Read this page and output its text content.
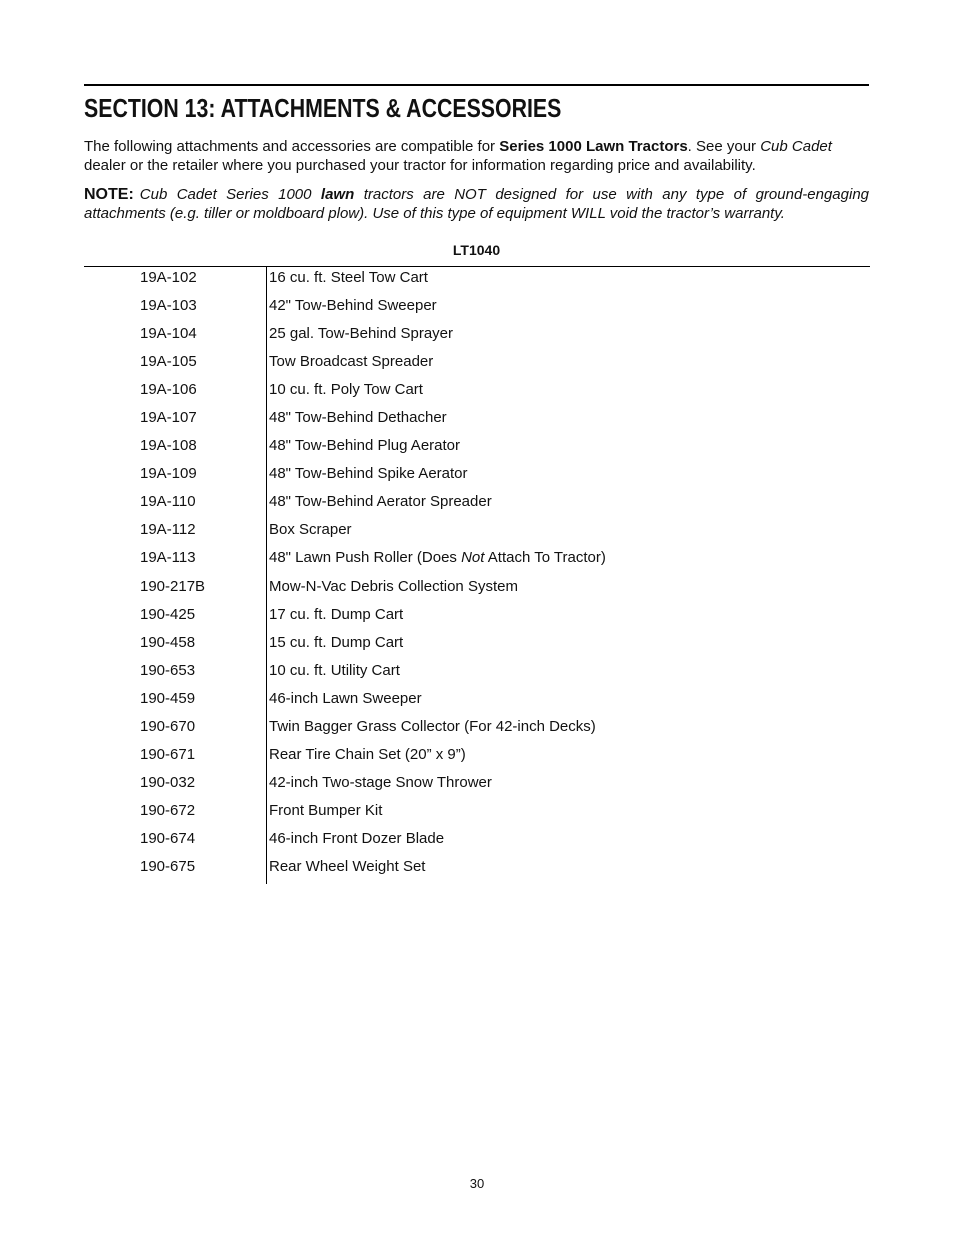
SECTION 13: ATTACHMENTS & ACCESSORIES

The following attachments and accessories are compatible for Series 1000 Lawn Tractors. See your Cub Cadet dealer or the retailer where you purchased your tractor for information regarding price and availability.

NOTE: Cub Cadet Series 1000 lawn tractors are NOT designed for use with any type of ground-engaging attachments (e.g. tiller or moldboard plow). Use of this type of equipment WILL void the tractor’s warranty.

LT1040
19A-102	16 cu. ft. Steel Tow Cart
19A-103	42" Tow-Behind Sweeper
19A-104	25 gal. Tow-Behind Sprayer
19A-105	Tow Broadcast Spreader
19A-106	10 cu. ft. Poly Tow Cart
19A-107	48" Tow-Behind Dethacher
19A-108	48" Tow-Behind Plug Aerator
19A-109	48" Tow-Behind Spike Aerator
19A-110	48" Tow-Behind Aerator Spreader
19A-112	Box Scraper
19A-113	48" Lawn Push Roller (Does Not Attach To Tractor)
190-217B	Mow-N-Vac Debris Collection System
190-425	17 cu. ft. Dump Cart
190-458	15 cu. ft. Dump Cart
190-653	10 cu. ft. Utility Cart
190-459	46-inch Lawn Sweeper
190-670	Twin Bagger Grass Collector (For 42-inch Decks)
190-671	Rear Tire Chain Set (20” x 9”)
190-032	42-inch Two-stage Snow Thrower
190-672	Front Bumper Kit
190-674	46-inch Front Dozer Blade
190-675	Rear Wheel Weight Set
30
